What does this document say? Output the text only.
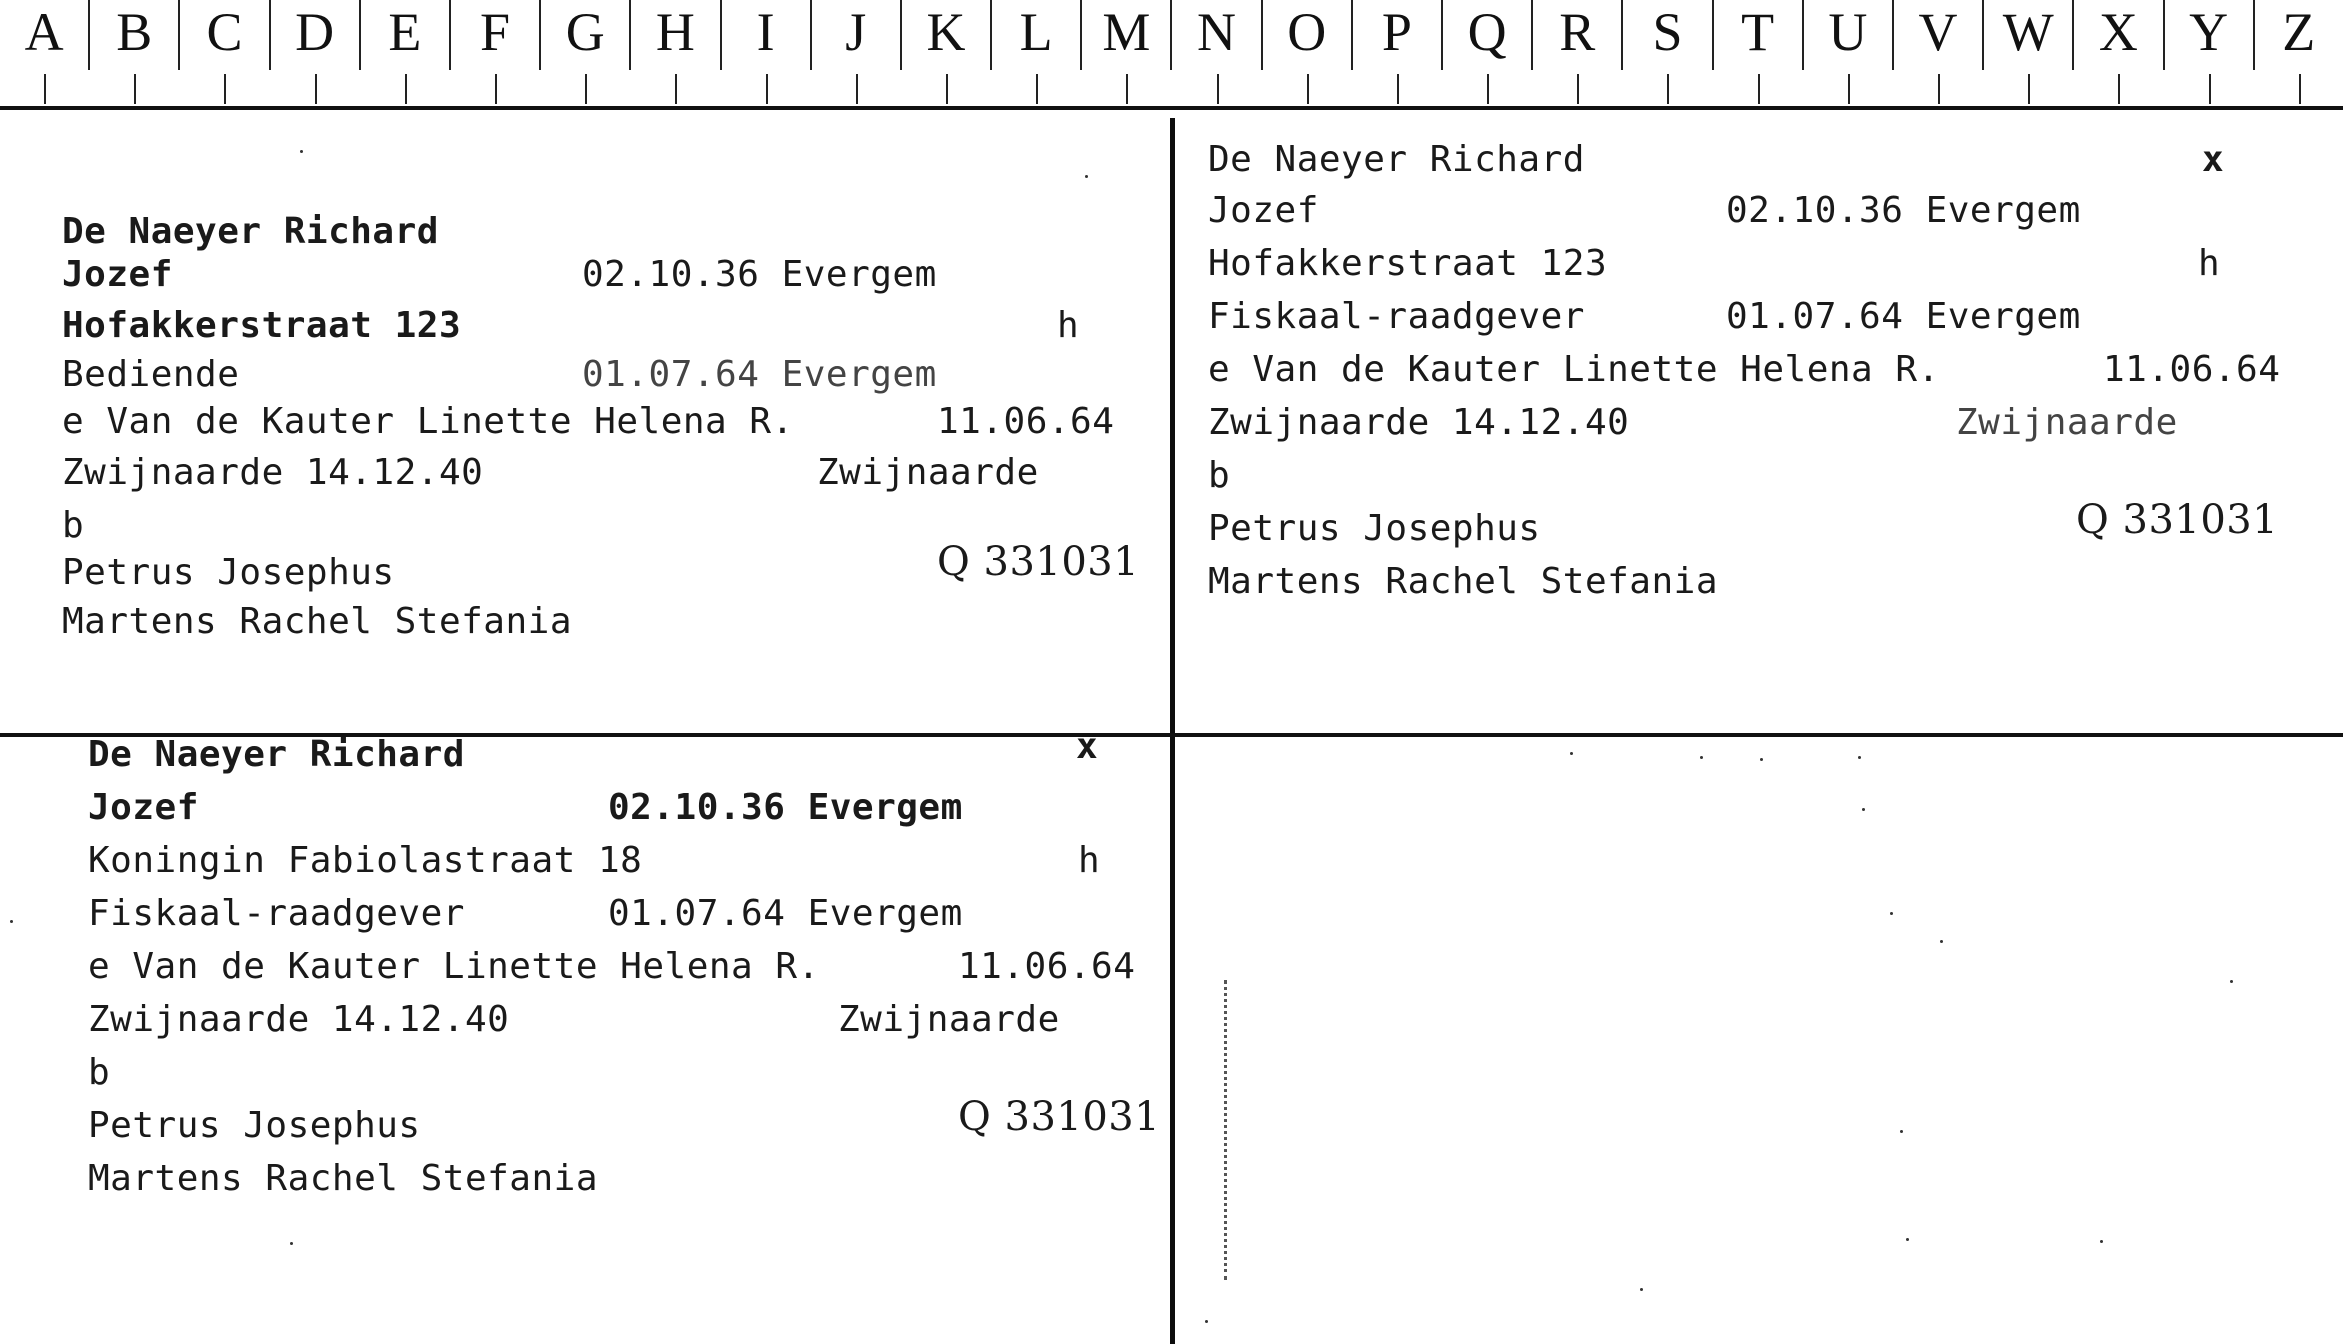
A B	C D	E	F	G H	I	J	K	L M N O	P	Q R	S	T	U V W X Y	Z
De Naeyer Richard

Jozef

	02.10.36 Evergem

Hofakkerstraat 123

	h

Bediende

	01.07.64 Evergem

e Van de Kauter Linette Helena R.

	11.06.64

Zwijnaarde 14.12.40

	Zwijnaarde

b

Petrus Josephus

	Q 331031

Martens Rachel Stefania

De Naeyer Richard

	x

Jozef

	02.10.36 Evergem

Hofakkerstraat 123

	h

Fiskaal-raadgever

	01.07.64 Evergem

e Van de Kauter Linette Helena R.

	11.06.64

Zwijnaarde 14.12.40

	Zwijnaarde

b

Petrus Josephus

	Q 331031

Martens Rachel Stefania

De Naeyer Richard

	x

Jozef

	02.10.36 Evergem

Koningin Fabiolastraat 18

	h

Fiskaal-raadgever

	01.07.64 Evergem

e Van de Kauter Linette Helena R.

	11.06.64

Zwijnaarde 14.12.40

	Zwijnaarde

b

Petrus Josephus

	Q 331031

Martens Rachel Stefania
